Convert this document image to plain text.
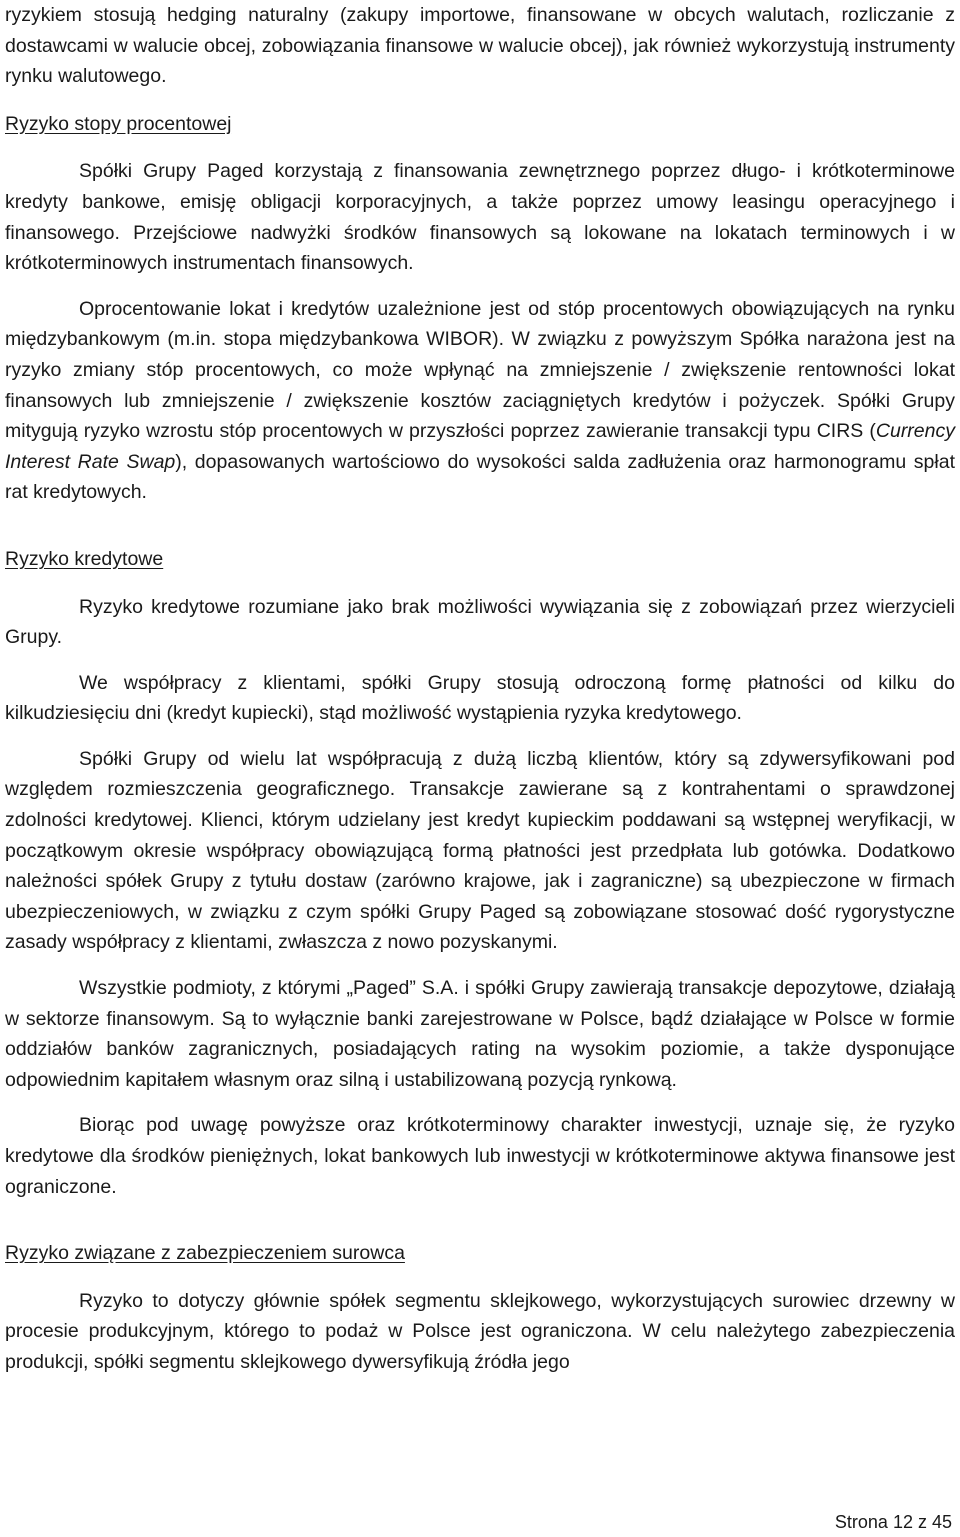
ryzykiem stosują hedging naturalny (zakupy importowe, finansowane w obcych walutach, rozliczanie z dostawcami w walucie obcej, zobowiązania finansowe w walucie obcej), jak również wykorzystują instrumenty rynku walutowego.

Ryzyko stopy procentowej

Spółki Grupy Paged korzystają z finansowania zewnętrznego poprzez długo- i krótkoterminowe kredyty bankowe, emisję obligacji korporacyjnych, a także poprzez umowy leasingu operacyjnego i finansowego. Przejściowe nadwyżki środków finansowych są lokowane na lokatach terminowych i w krótkoterminowych instrumentach finansowych.

Oprocentowanie lokat i kredytów uzależnione jest od stóp procentowych obowiązujących na rynku międzybankowym (m.in. stopa międzybankowa WIBOR). W związku z powyższym Spółka narażona jest na ryzyko zmiany stóp procentowych, co może wpłynąć na zmniejszenie / zwiększenie rentowności lokat finansowych lub zmniejszenie / zwiększenie kosztów zaciągniętych kredytów i pożyczek. Spółki Grupy mitygują ryzyko wzrostu stóp procentowych w przyszłości poprzez zawieranie transakcji typu CIRS (Currency Interest Rate Swap), dopasowanych wartościowo do wysokości salda zadłużenia oraz harmonogramu spłat rat kredytowych.

Ryzyko kredytowe

Ryzyko kredytowe rozumiane jako brak możliwości wywiązania się z zobowiązań przez wierzycieli Grupy.

We współpracy z klientami, spółki Grupy stosują odroczoną formę płatności od kilku do kilkudziesięciu dni (kredyt kupiecki), stąd możliwość wystąpienia ryzyka kredytowego.

Spółki Grupy od wielu lat współpracują z dużą liczbą klientów, który są zdywersyfikowani pod względem rozmieszczenia geograficznego. Transakcje zawierane są z kontrahentami o sprawdzonej zdolności kredytowej. Klienci, którym udzielany jest kredyt kupieckim poddawani są wstępnej weryfikacji, w początkowym okresie współpracy obowiązującą formą płatności jest przedpłata lub gotówka. Dodatkowo należności spółek Grupy z tytułu dostaw (zarówno krajowe, jak i zagraniczne) są ubezpieczone w firmach ubezpieczeniowych, w związku z czym spółki Grupy Paged są zobowiązane stosować dość rygorystyczne zasady współpracy z klientami, zwłaszcza z nowo pozyskanymi.

Wszystkie podmioty, z którymi „Paged” S.A. i spółki Grupy zawierają transakcje depozytowe, działają w sektorze finansowym. Są to wyłącznie banki zarejestrowane w Polsce, bądź działające w Polsce w formie oddziałów banków zagranicznych, posiadających rating na wysokim poziomie, a także dysponujące odpowiednim kapitałem własnym oraz silną i ustabilizowaną pozycją rynkową.

Biorąc pod uwagę powyższe oraz krótkoterminowy charakter inwestycji, uznaje się, że ryzyko kredytowe dla środków pieniężnych, lokat bankowych lub inwestycji w krótkoterminowe aktywa finansowe jest ograniczone.

Ryzyko związane z zabezpieczeniem surowca

Ryzyko to dotyczy głównie spółek segmentu sklejkowego, wykorzystujących surowiec drzewny w procesie produkcyjnym, którego to podaż w Polsce jest ograniczona. W celu należytego zabezpieczenia produkcji, spółki segmentu sklejkowego dywersyfikują źródła jego

Strona 12 z 45
